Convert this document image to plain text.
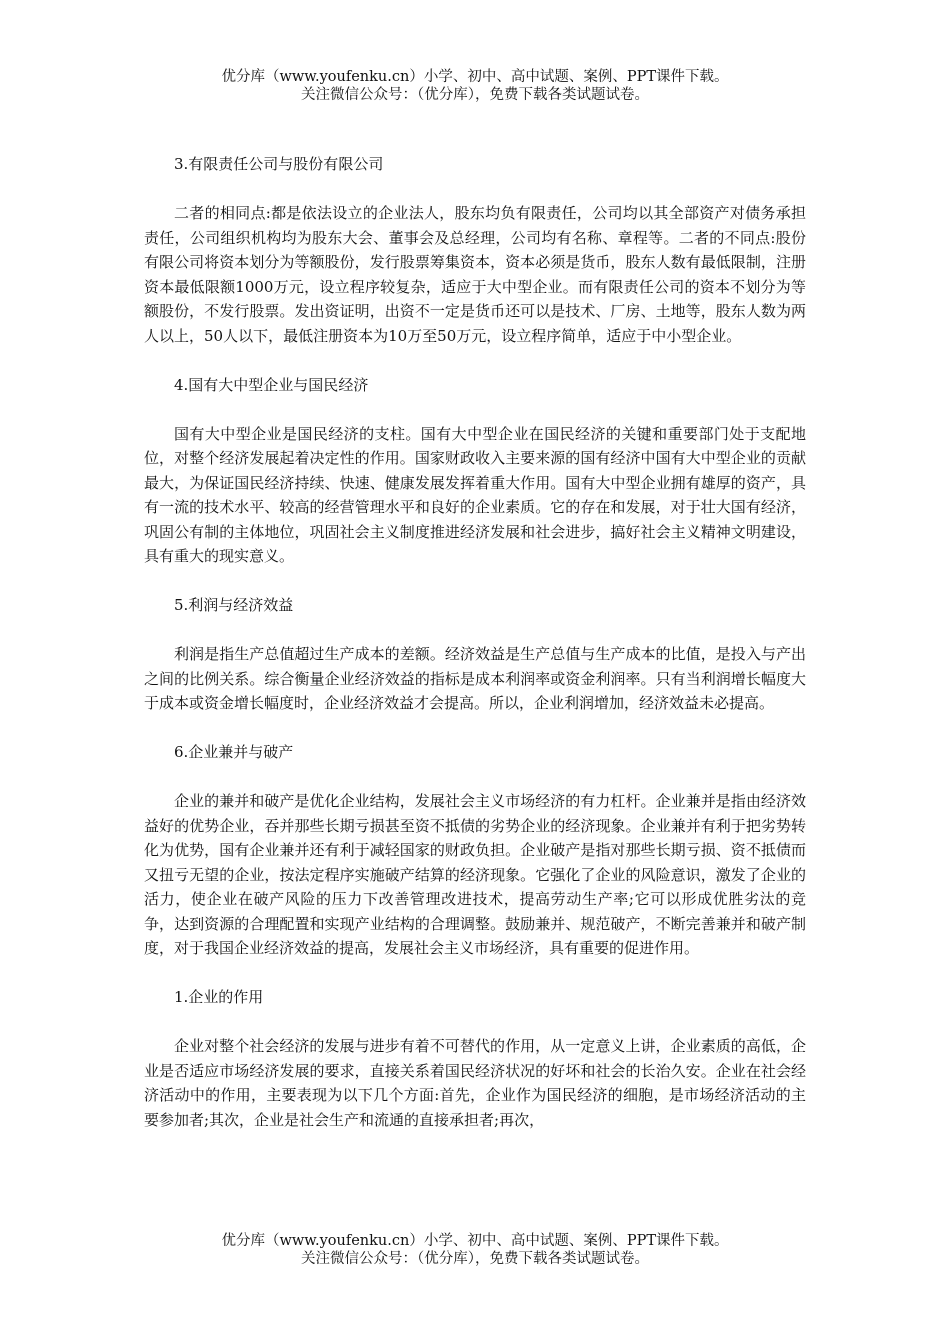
优分库（www.youfenku.cn）小学、初中、高中试题、案例、PPT课件下载。
关注微信公众号：（优分库），免费下载各类试题试卷。
3.有限责任公司与股份有限公司
二者的相同点:都是依法设立的企业法人，股东均负有限责任，公司均以其全部资产对债务承担责任，公司组织机构均为股东大会、董事会及总经理，公司均有名称、章程等。二者的不同点:股份有限公司将资本划分为等额股份，发行股票筹集资本，资本必须是货币，股东人数有最低限制，注册资本最低限额1000万元，设立程序较复杂，适应于大中型企业。而有限责任公司的资本不划分为等额股份，不发行股票。发出资证明，出资不一定是货币还可以是技术、厂房、土地等，股东人数为两人以上，50人以下，最低注册资本为10万至50万元，设立程序简单，适应于中小型企业。
4.国有大中型企业与国民经济
国有大中型企业是国民经济的支柱。国有大中型企业在国民经济的关键和重要部门处于支配地位，对整个经济发展起着决定性的作用。国家财政收入主要来源的国有经济中国有大中型企业的贡献最大，为保证国民经济持续、快速、健康发展发挥着重大作用。国有大中型企业拥有雄厚的资产，具有一流的技术水平、较高的经营管理水平和良好的企业素质。它的存在和发展，对于壮大国有经济，巩固公有制的主体地位，巩固社会主义制度推进经济发展和社会进步，搞好社会主义精神文明建设，具有重大的现实意义。
5.利润与经济效益
利润是指生产总值超过生产成本的差额。经济效益是生产总值与生产成本的比值，是投入与产出之间的比例关系。综合衡量企业经济效益的指标是成本利润率或资金利润率。只有当利润增长幅度大于成本或资金增长幅度时，企业经济效益才会提高。所以，企业利润增加，经济效益未必提高。
6.企业兼并与破产
企业的兼并和破产是优化企业结构，发展社会主义市场经济的有力杠杆。企业兼并是指由经济效益好的优势企业，吞并那些长期亏损甚至资不抵债的劣势企业的经济现象。企业兼并有利于把劣势转化为优势，国有企业兼并还有利于减轻国家的财政负担。企业破产是指对那些长期亏损、资不抵债而又扭亏无望的企业，按法定程序实施破产结算的经济现象。它强化了企业的风险意识，激发了企业的活力，使企业在破产风险的压力下改善管理改进技术，提高劳动生产率;它可以形成优胜劣汰的竞争，达到资源的合理配置和实现产业结构的合理调整。鼓励兼并、规范破产，不断完善兼并和破产制度，对于我国企业经济效益的提高，发展社会主义市场经济，具有重要的促进作用。
1.企业的作用
企业对整个社会经济的发展与进步有着不可替代的作用，从一定意义上讲，企业素质的高低，企业是否适应市场经济发展的要求，直接关系着国民经济状况的好坏和社会的长治久安。企业在社会经济活动中的作用，主要表现为以下几个方面:首先，企业作为国民经济的细胞，是市场经济活动的主要参加者;其次，企业是社会生产和流通的直接承担者;再次，
优分库（www.youfenku.cn）小学、初中、高中试题、案例、PPT课件下载。
关注微信公众号：（优分库），免费下载各类试题试卷。
